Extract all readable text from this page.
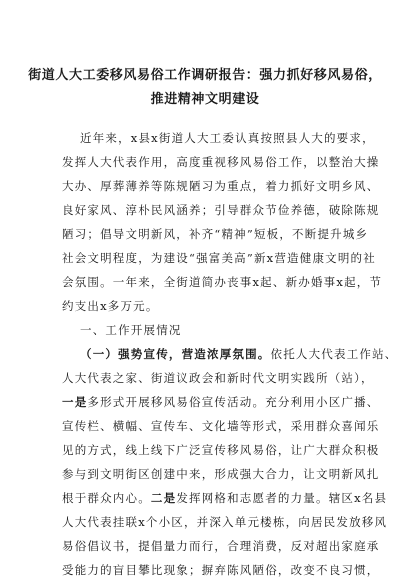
街道人大工委移风易俗工作调研报告：强力抓好移风易俗，
推进精神文明建设
近年来，x县x街道人大工委认真按照县人大的要求，
发挥人大代表作用，高度重视移风易俗工作，以整治大操
大办、厚葬薄养等陈规陋习为重点，着力抓好文明乡风、
良好家风、淳朴民风涵养；引导群众节俭养德，破除陈规
陋习；倡导文明新风，补齐“精神”短板，不断提升城乡
社会文明程度，为建设“强富美高”新x营造健康文明的社
会氛围。一年来，全街道简办丧事x起、新办婚事x起，节
约支出x多万元。
一、工作开展情况
（一）强势宣传，营造浓厚氛围。依托人大代表工作站、
人大代表之家、街道议政会和新时代文明实践所（站），
一是多形式开展移风易俗宣传活动。充分利用小区广播、
宣传栏、横幅、宣传车、文化墙等形式，采用群众喜闻乐
见的方式，线上线下广泛宣传移风易俗，让广大群众积极
参与到文明街区创建中来，形成强大合力，让文明新风扎
根于群众内心。二是发挥网格和志愿者的力量。辖区x名县
人大代表挂联x个小区，并深入单元楼栋，向居民发放移风
易俗倡议书，提倡量力而行，合理消费，反对超出家庭承
受能力的盲目攀比现象；摒弃陈风陋俗，改变不良习惯，
